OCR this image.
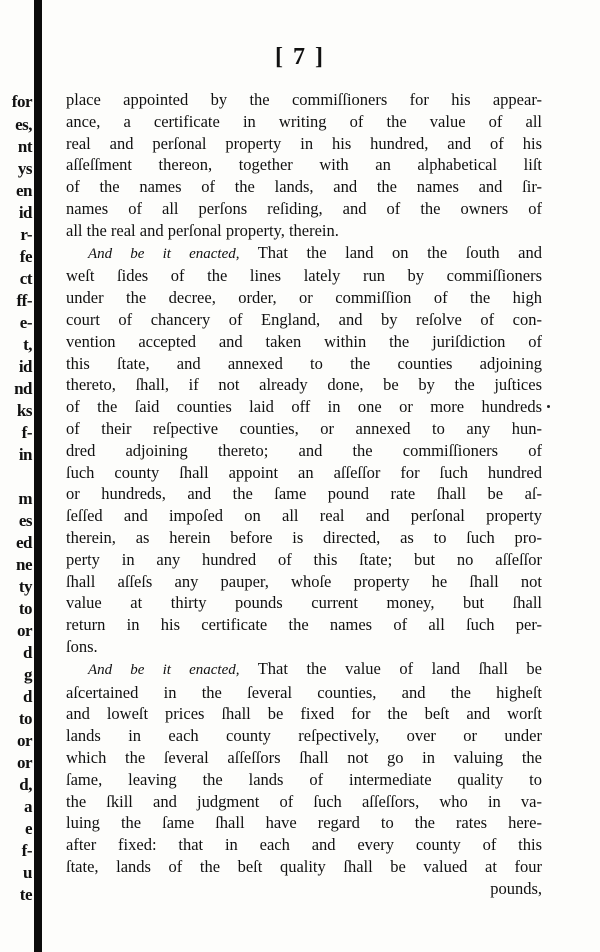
for
es,
nt
ys
en
id
r-
fe
ct
ff-
e-
t,
id
nd
ks
f-
in
m
es
ed
ne
ty
to
or
d
g
d
to
or
or
d,
a
e
f-
u
te
[ 7 ]
place appointed by the commiſſioners for his appear-
ance, a certificate in writing of the value of all
real and perſonal property in his hundred, and of his
aſſeſſment thereon, together with an alphabetical liſt
of the names of the lands, and the names and ſir-
names of all perſons reſiding, and of the owners of
all the real and perſonal property, therein.
And be it enacted, That the land on the ſouth and
weſt ſides of the lines lately run by commiſſioners
under the decree, order, or commiſſion of the high
court of chancery of England, and by reſolve of con-
vention accepted and taken within the juriſdiction of
this ſtate, and annexed to the counties adjoining
thereto, ſhall, if not already done, be by the juſtices
of the ſaid counties laid off in one or more hundreds
of their reſpective counties, or annexed to any hun-
dred adjoining thereto; and the commiſſioners of
ſuch county ſhall appoint an aſſeſſor for ſuch hundred
or hundreds, and the ſame pound rate ſhall be aſ-
ſeſſed and impoſed on all real and perſonal property
therein, as herein before is directed, as to ſuch pro-
perty in any hundred of this ſtate; but no aſſeſſor
ſhall aſſeſs any pauper, whoſe property he ſhall not
value at thirty pounds current money, but ſhall
return in his certificate the names of all ſuch per-
ſons.
And be it enacted, That the value of land ſhall be
aſcertained in the ſeveral counties, and the higheſt
and loweſt prices ſhall be fixed for the beſt and worſt
lands in each county reſpectively, over or under
which the ſeveral aſſeſſors ſhall not go in valuing the
ſame, leaving the lands of intermediate quality to
the ſkill and judgment of ſuch aſſeſſors, who in va-
luing the ſame ſhall have regard to the rates here-
after fixed: that in each and every county of this
ſtate, lands of the beſt quality ſhall be valued at four
pounds,
